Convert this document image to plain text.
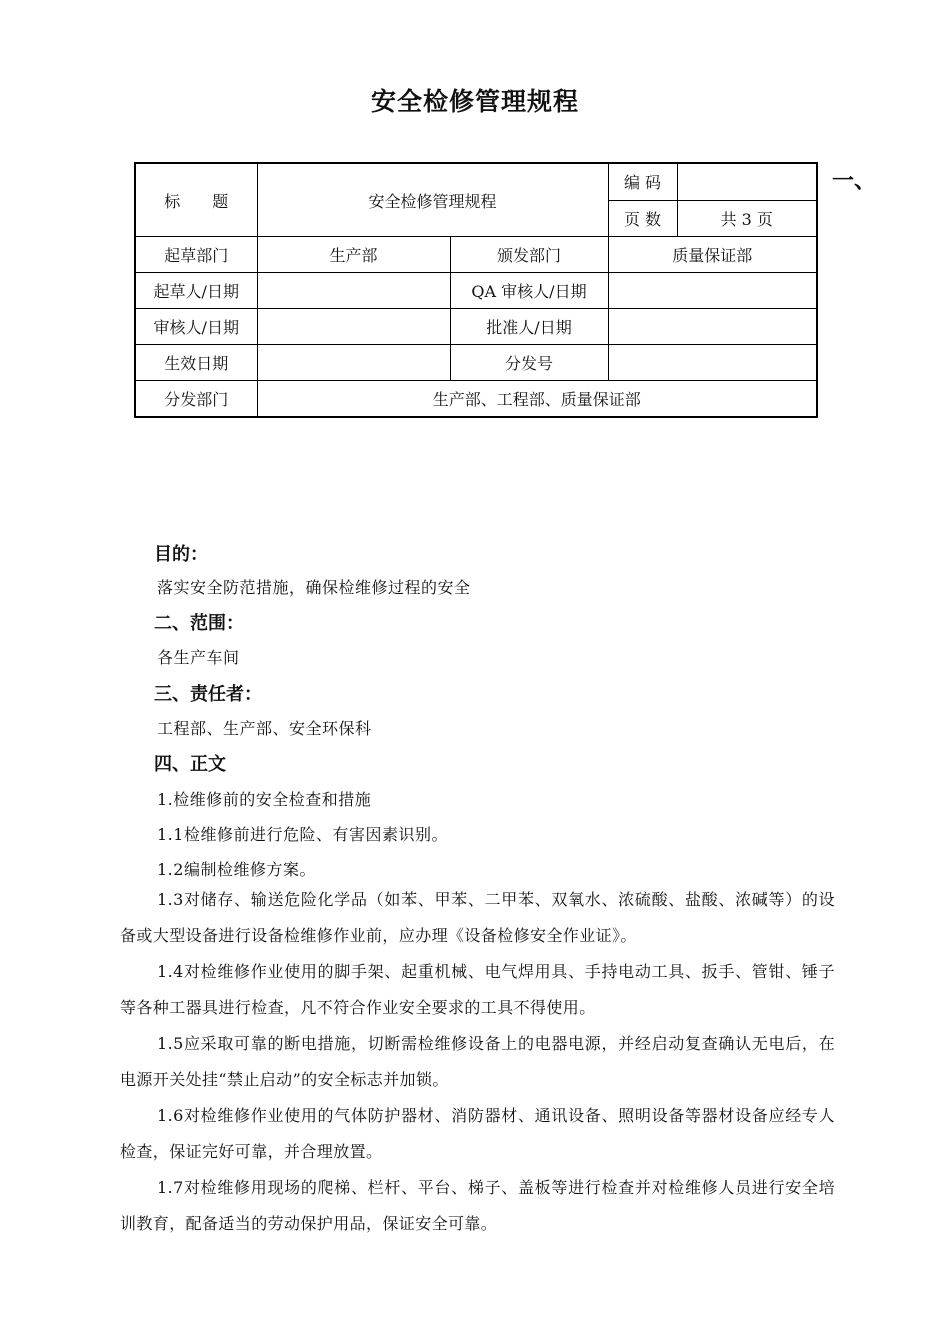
安全检修管理规程
标　　题	安全检修管理规程		编 码	
			页 数	共 3 页
起草部门	生产部	颁发部门	质量保证部	
起草人/日期		QA 审核人/日期		
审核人/日期		批准人/日期		
生效日期		分发号		
分发部门	生产部、工程部、质量保证部			
一、
目的：
落实安全防范措施，确保检维修过程的安全
二、范围：
各生产车间
三、责任者：
工程部、生产部、安全环保科
四、正文
1.检维修前的安全检查和措施
1.1检维修前进行危险、有害因素识别。
1.2编制检维修方案。

1.3对储存、输送危险化学品（如苯、甲苯、二甲苯、双氧水、浓硫酸、盐酸、浓碱等）的设备或大型设备进行设备检维修作业前，应办理《设备检修安全作业证》。

1.4对检维修作业使用的脚手架、起重机械、电气焊用具、手持电动工具、扳手、管钳、锤子等各种工器具进行检查，凡不符合作业安全要求的工具不得使用。

1.5应采取可靠的断电措施，切断需检维修设备上的电器电源，并经启动复查确认无电后，在电源开关处挂“禁止启动”的安全标志并加锁。

1.6对检维修作业使用的气体防护器材、消防器材、通讯设备、照明设备等器材设备应经专人检查，保证完好可靠，并合理放置。

1.7对检维修用现场的爬梯、栏杆、平台、梯子、盖板等进行检查并对检维修人员进行安全培训教育，配备适当的劳动保护用品，保证安全可靠。
